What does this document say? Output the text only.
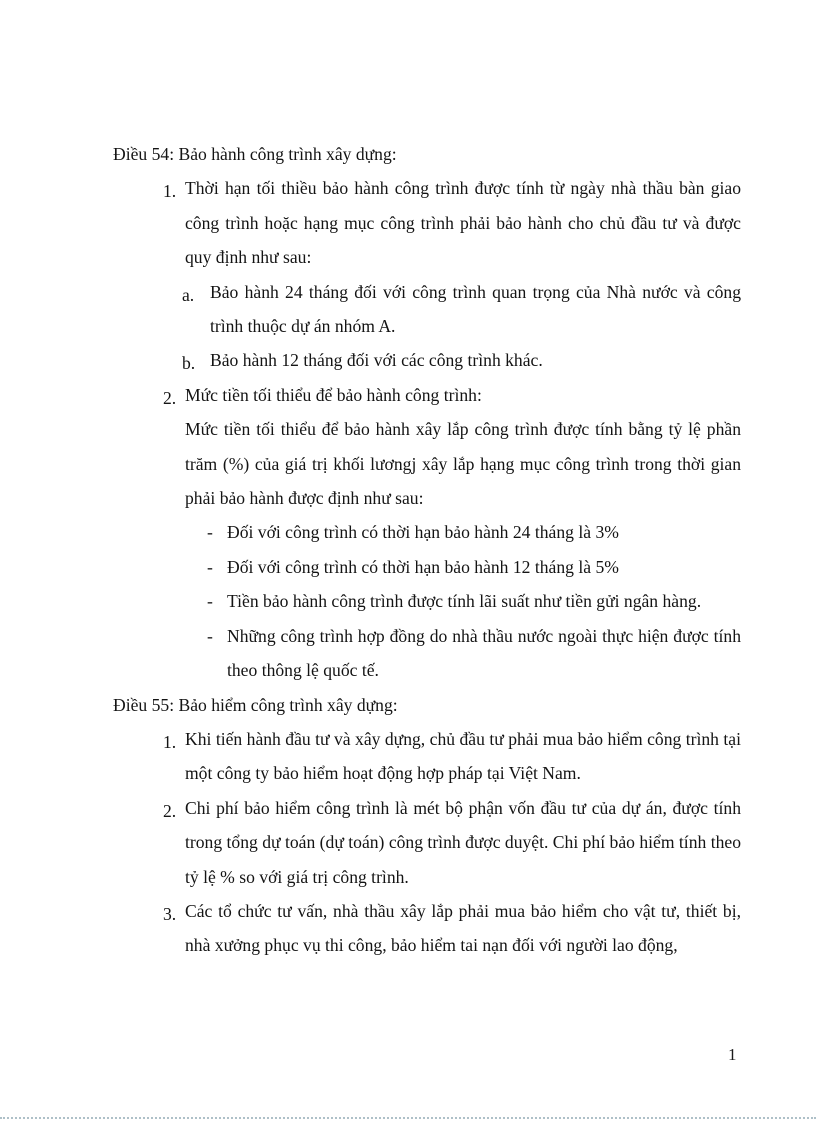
Điều 54: Bảo hành công trình xây dựng:
1. Thời hạn tối thiều bảo hành công trình được tính từ ngày nhà thầu bàn giao công trình hoặc hạng mục công trình phải bảo hành cho chủ đầu tư và được quy định như sau:
a. Bảo hành 24 tháng đối với công trình quan trọng của Nhà nước và công trình thuộc dự án nhóm A.
b. Bảo hành 12 tháng đối với các công trình khác.
2. Mức tiền tối thiểu để bảo hành công trình:
Mức tiền tối thiểu để bảo hành xây lắp công trình được tính bằng tỷ lệ phần trăm (%) của giá trị khối lươngj xây lắp hạng mục công trình trong thời gian phải bảo hành được định như sau:
- Đối với công trình có thời hạn bảo hành 24 tháng là 3%
- Đối với công trình có thời hạn bảo hành 12 tháng là 5%
- Tiền bảo hành công trình được tính lãi suất như tiền gửi ngân hàng.
- Những công trình hợp đồng do nhà thầu nước ngoài thực hiện được tính theo thông lệ quốc tế.
Điều 55: Bảo hiểm công trình xây dựng:
1. Khi tiến hành đầu tư và xây dựng, chủ đầu tư phải mua bảo hiểm công trình tại một công ty bảo hiểm hoạt động hợp pháp tại Việt Nam.
2. Chi phí bảo hiểm công trình là mét bộ phận vốn đầu tư của dự án, được tính trong tổng dự toán (dự toán) công trình được duyệt. Chi phí bảo hiểm tính theo tỷ lệ % so với giá trị công trình.
3. Các tổ chức tư vấn, nhà thầu xây lắp phải mua bảo hiểm cho vật tư, thiết bị, nhà xưởng phục vụ thi công, bảo hiểm tai nạn đối với người lao động,
1
